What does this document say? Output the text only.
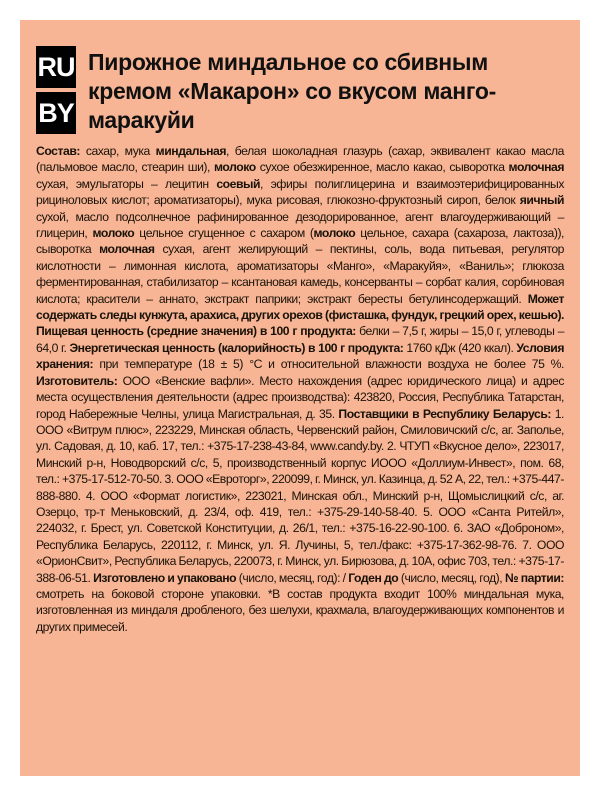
RU
BY
Пирожное миндальное со сбивным кремом «Макарон» со вкусом манго-маракуйи
Состав: сахар, мука миндальная, белая шоколадная глазурь (сахар, эквивалент какао масла (пальмовое масло, стеарин ши), молоко сухое обезжиренное, масло какао, сыворотка молочная сухая, эмульгаторы – лецитин соевый, эфиры полиглицерина и взаимоэтерифицированных рициноловых кислот; ароматизаторы), мука рисовая, глюкозно-фруктозный сироп, белок яичный сухой, масло подсолнечное рафинированное дезодорированное, агент влагоудерживающий – глицерин, молоко цельное сгущенное с сахаром (молоко цельное, сахара (сахароза, лактоза)), сыворотка молочная сухая, агент желирующий – пектины, соль, вода питьевая, регулятор кислотности – лимонная кислота, ароматизаторы «Манго», «Маракуйя», «Ваниль»; глюкоза ферментированная, стабилизатор – ксантановая камедь, консерванты – сорбат калия, сорбиновая кислота; красители – аннато, экстракт паприки; экстракт бересты бетулинсодержащий. Может содержать следы кунжута, арахиса, других орехов (фисташка, фундук, грецкий орех, кешью). Пищевая ценность (средние значения) в 100 г продукта: белки – 7,5 г, жиры – 15,0 г, углеводы – 64,0 г. Энергетическая ценность (калорийность) в 100 г продукта: 1760 кДж (420 ккал). Условия хранения: при температуре (18 ± 5) °С и относительной влажности воздуха не более 75 %. Изготовитель: ООО «Венские вафли». Место нахождения (адрес юридического лица) и адрес места осуществления деятельности (адрес производства): 423820, Россия, Республика Татарстан, город Набережные Челны, улица Магистральная, д. 35. Поставщики в Республику Беларусь: 1. ООО «Витрум плюс», 223229, Минская область, Червенский район, Смиловичский с/с, аг. Заполье, ул. Садовая, д. 10, каб. 17, тел.: +375-17-238-43-84, www.candy.by. 2. ЧТУП «Вкусное дело», 223017, Минский р-н, Новодворский с/с, 5, производственный корпус ИООО «Доллиум-Инвест», пом. 68, тел.: +375-17-512-70-50. 3. ООО «Евроторг», 220099, г. Минск, ул. Казинца, д. 52 А, 22, тел.: +375-447-888-880. 4. ООО «Формат логистик», 223021, Минская обл., Минский р-н, Щомыслицкий с/с, аг. Озерцо, тр-т Меньковский, д. 23/4, оф. 419, тел.: +375-29-140-58-40. 5. ООО «Санта Ритейл», 224032, г. Брест, ул. Советской Конституции, д. 26/1, тел.: +375-16-22-90-100. 6. ЗАО «Доброном», Республика Беларусь, 220112, г. Минск, ул. Я. Лучины, 5, тел./факс: +375-17-362-98-76. 7. ООО «ОрионСвит», Республика Беларусь, 220073, г. Минск, ул. Бирюзова, д. 10А, офис 703, тел.: +375-17-388-06-51. Изготовлено и упаковано (число, месяц, год): / Годен до (число, месяц, год), № партии: смотреть на боковой стороне упаковки. *В состав продукта входит 100% миндальная мука, изготовленная из миндаля дробленого, без шелухи, крахмала, влагоудерживающих компонентов и других примесей.
